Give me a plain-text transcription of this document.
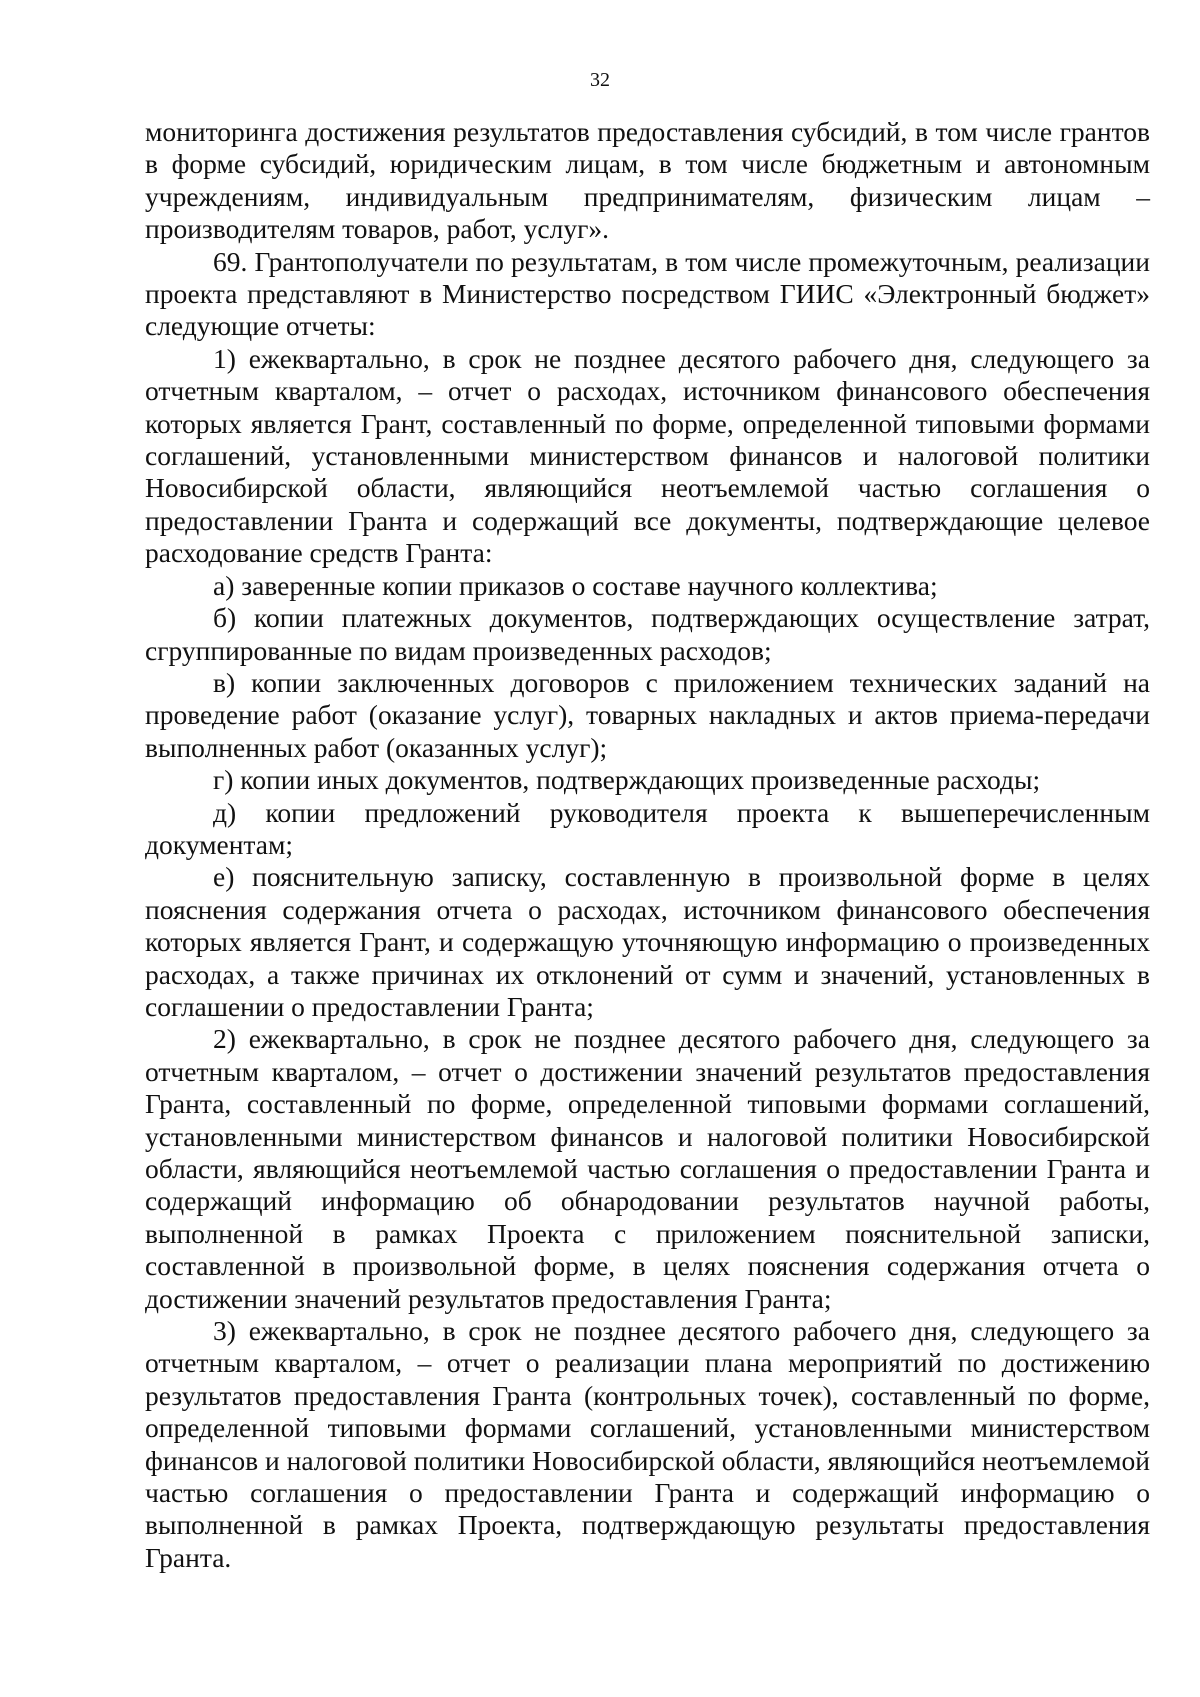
32

мониторинга достижения результатов предоставления субсидий, в том числе грантов в форме субсидий, юридическим лицам, в том числе бюджетным и автономным учреждениям, индивидуальным предпринимателям, физическим лицам – производителям товаров, работ, услуг».

69. Грантополучатели по результатам, в том числе промежуточным, реализации проекта представляют в Министерство посредством ГИИС «Электронный бюджет» следующие отчеты:

1) ежеквартально, в срок не позднее десятого рабочего дня, следующего за отчетным кварталом, – отчет о расходах, источником финансового обеспечения которых является Грант, составленный по форме, определенной типовыми формами соглашений, установленными министерством финансов и налоговой политики Новосибирской области, являющийся неотъемлемой частью соглашения о предоставлении Гранта и содержащий все документы, подтверждающие целевое расходование средств Гранта:

а) заверенные копии приказов о составе научного коллектива;

б) копии платежных документов, подтверждающих осуществление затрат, сгруппированные по видам произведенных расходов;

в) копии заключенных договоров с приложением технических заданий на проведение работ (оказание услуг), товарных накладных и актов приема-передачи выполненных работ (оказанных услуг);

г) копии иных документов, подтверждающих произведенные расходы;

д) копии предложений руководителя проекта к вышеперечисленным документам;

е) пояснительную записку, составленную в произвольной форме в целях пояснения содержания отчета о расходах, источником финансового обеспечения которых является Грант, и содержащую уточняющую информацию о произведенных расходах, а также причинах их отклонений от сумм и значений, установленных в соглашении о предоставлении Гранта;

2) ежеквартально, в срок не позднее десятого рабочего дня, следующего за отчетным кварталом, – отчет о достижении значений результатов предоставления Гранта, составленный по форме, определенной типовыми формами соглашений, установленными министерством финансов и налоговой политики Новосибирской области, являющийся неотъемлемой частью соглашения о предоставлении Гранта и содержащий информацию об обнародовании результатов научной работы, выполненной в рамках Проекта с приложением пояснительной записки, составленной в произвольной форме, в целях пояснения содержания отчета о достижении значений результатов предоставления Гранта;

3) ежеквартально, в срок не позднее десятого рабочего дня, следующего за отчетным кварталом, – отчет о реализации плана мероприятий по достижению результатов предоставления Гранта (контрольных точек), составленный по форме, определенной типовыми формами соглашений, установленными министерством финансов и налоговой политики Новосибирской области, являющийся неотъемлемой частью соглашения о предоставлении Гранта и содержащий информацию о выполненной в рамках Проекта, подтверждающую результаты предоставления Гранта.
